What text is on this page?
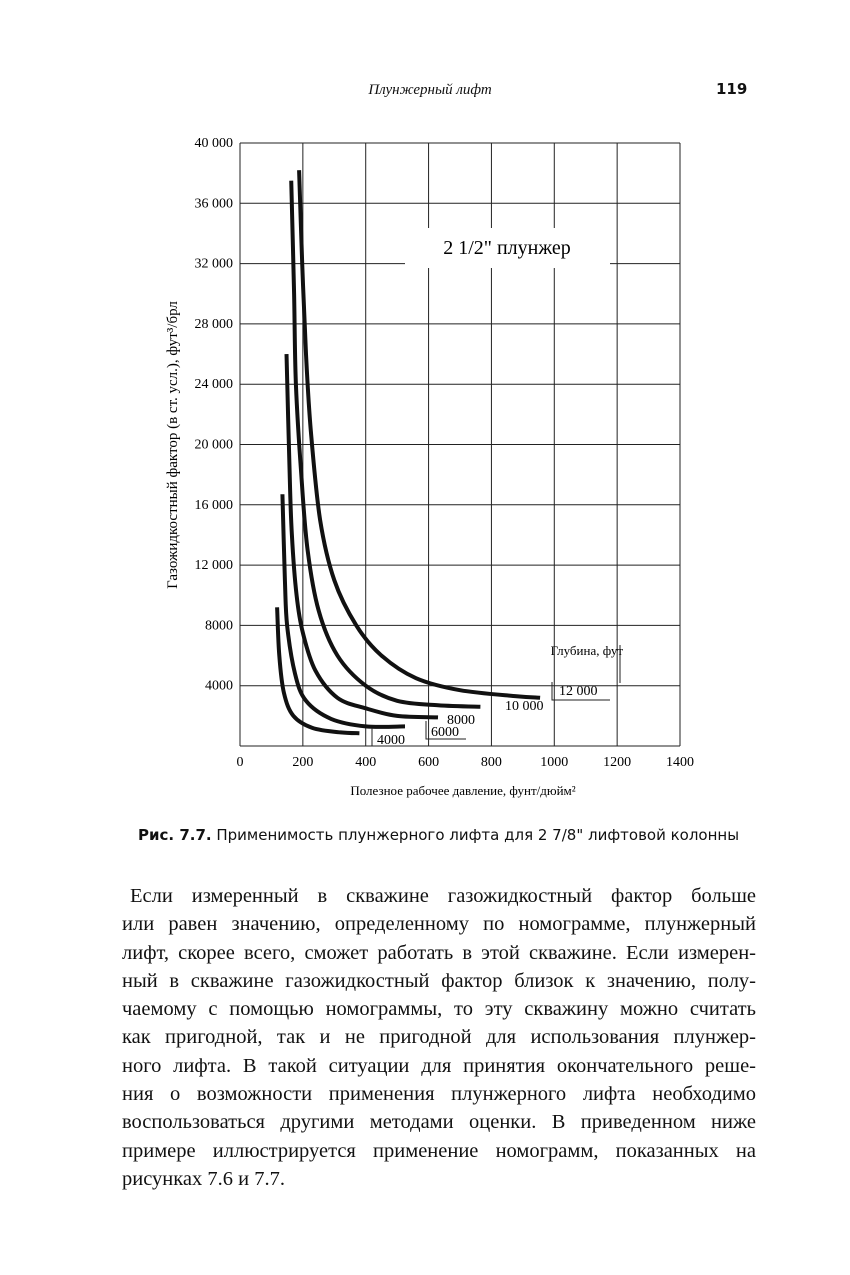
Плунжерный лифт	119
4000
8000
12 000
16 000
20 000
24 000
28 000
32 000
36 000
40 000
0	200	400	600	800	1000 1200 1400
2 1/2" плунжер
4000
6000
8000
10 000
12 000
Глубина, фут
Газожидкостный фактор (в ст. усл.), фут³/брл
Полезное рабочее давление, фунт/дюйм²
Рис. 7.7. Применимость плунжерного лифта для 2 7/8" лифтовой колонны
Если измеренный в скважине газожидкостный фактор больше
или равен значению, определенному по номограмме, плунжерный
лифт, скорее всего, сможет работать в этой скважине. Если измерен-
ный в скважине газожидкостный фактор близок к значению, полу-
чаемому с помощью номограммы, то эту скважину можно считать
как пригодной, так и не пригодной для использования плунжер-
ного лифта. В такой ситуации для принятия окончательного реше-
ния о возможности применения плунжерного лифта необходимо
воспользоваться другими методами оценки. В приведенном ниже
примере иллюстрируется применение номограмм, показанных на
рисунках 7.6 и 7.7.
